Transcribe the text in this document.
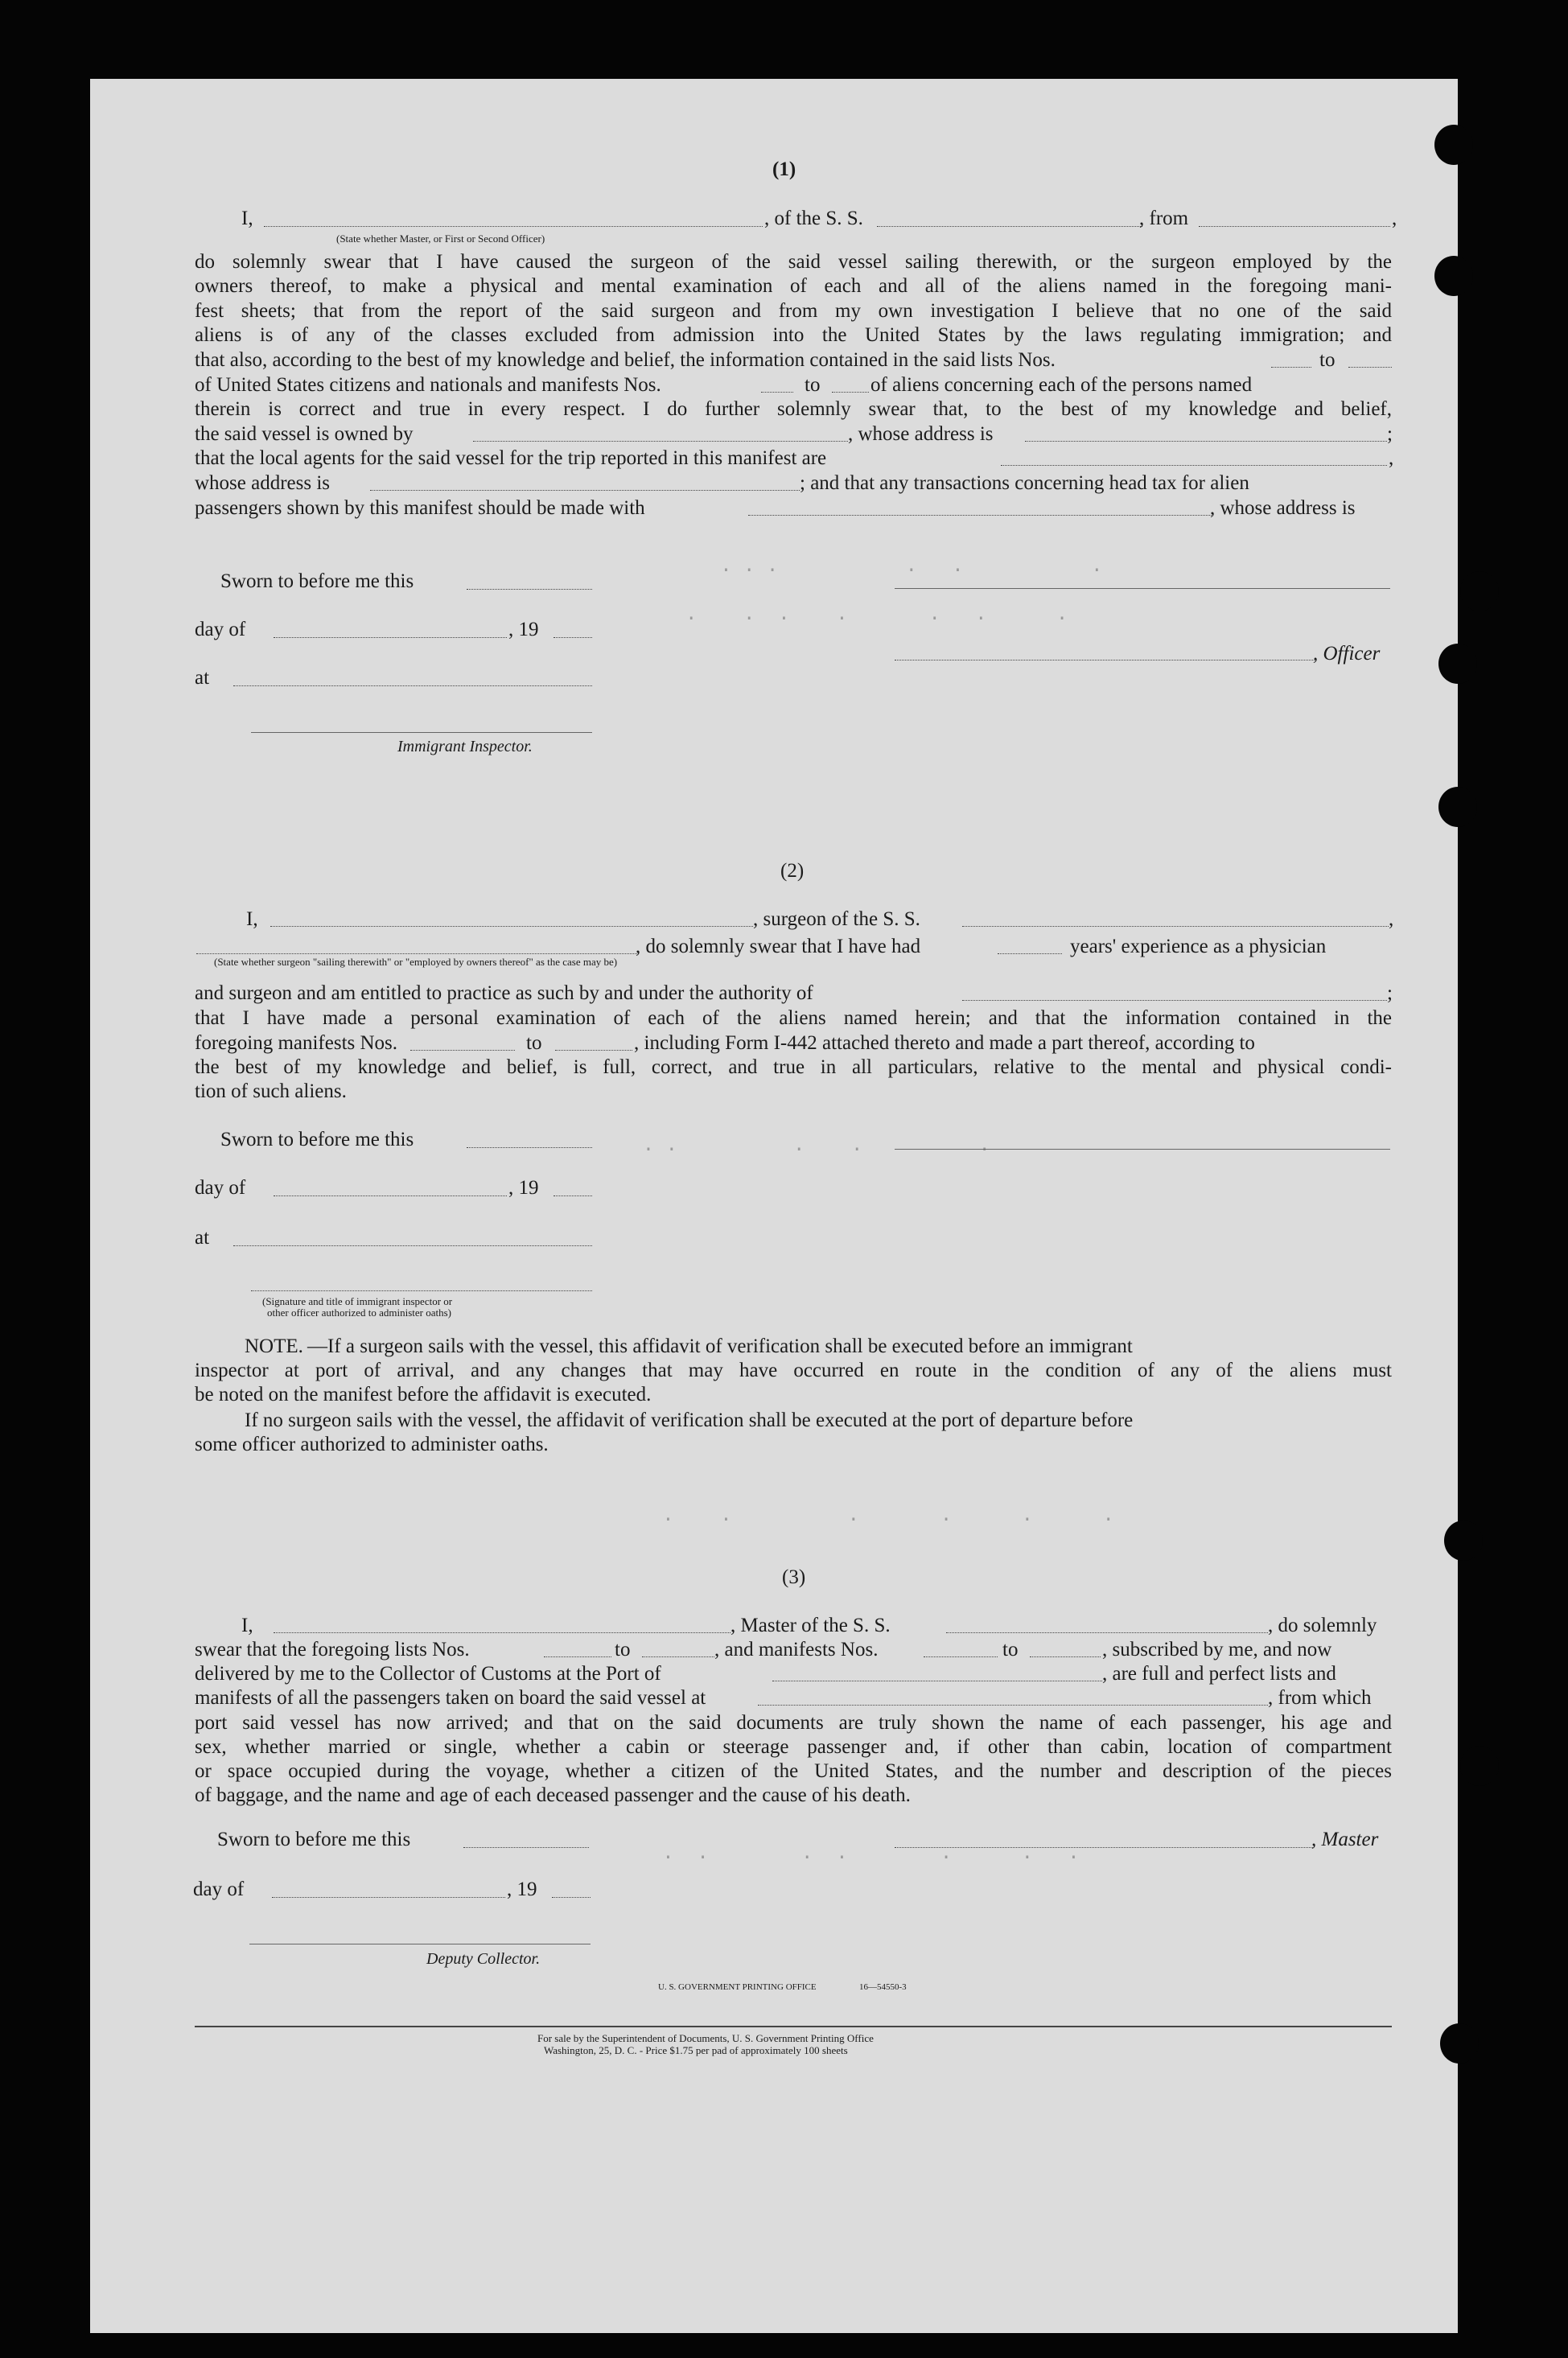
. . .           .   .           .

.    .  .    .       .   .      .

. .          .    .          .

.    .          .       .      .      .

.  .        .  .        .      .   .

(1)
I,	, of the S. S.	, from	,
(State whether Master, or First or Second Officer)
do solemnly swear that I have caused the surgeon of the said vessel sailing therewith, or the surgeon employed by the
owners thereof, to make a physical and mental examination of each and all of the aliens named in the foregoing mani-
fest sheets; that from the report of the said surgeon and from my own investigation I believe that no one of the said
aliens is of any of the classes excluded from admission into the United States by the laws regulating immigration; and
that also, according to the best of my knowledge and belief, the information contained in the said lists Nos.	to
of United States citizens and nationals and manifests Nos.	to	of aliens concerning each of the persons named
therein is correct and true in every respect. I do further solemnly swear that, to the best of my knowledge and belief,
the said vessel is owned by	, whose address is	;
that the local agents for the said vessel for the trip reported in this manifest are	,
whose address is	; and that any transactions concerning head tax for alien
passengers shown by this manifest should be made with	, whose address is
Sworn to before me this
day of	, 19
, Officer
at
Immigrant Inspector.
(2)
I,	, surgeon of the S. S.	,
, do solemnly swear that I have had	years' experience as a physician
(State whether surgeon "sailing therewith" or "employed by owners thereof" as the case may be)
and surgeon and am entitled to practice as such by and under the authority of	;
that I have made a personal examination of each of the aliens named herein; and that the information contained in the
foregoing manifests Nos.	to	, including Form I-442 attached thereto and made a part thereof, according to
the best of my knowledge and belief, is full, correct, and true in all particulars, relative to the mental and physical condi-
tion of such aliens.
Sworn to before me this
day of	, 19
at
(Signature and title of immigrant inspector or
other officer authorized to administer oaths)
NOTE. —If a surgeon sails with the vessel, this affidavit of verification shall be executed before an immigrant
inspector at port of arrival, and any changes that may have occurred en route in the condition of any of the aliens must
be noted on the manifest before the affidavit is executed.
If no surgeon sails with the vessel, the affidavit of verification shall be executed at the port of departure before
some officer authorized to administer oaths.
(3)
I,	, Master of the S. S.	, do solemnly
swear that the foregoing lists Nos.	to	, and manifests Nos.	to	, subscribed by me, and now
delivered by me to the Collector of Customs at the Port of	, are full and perfect lists and
manifests of all the passengers taken on board the said vessel at	, from which
port said vessel has now arrived; and that on the said documents are truly shown the name of each passenger, his age and
sex, whether married or single, whether a cabin or steerage passenger and, if other than cabin, location of compartment
or space occupied during the voyage, whether a citizen of the United States, and the number and description of the pieces
of baggage, and the name and age of each deceased passenger and the cause of his death.
Sworn to before me this	, Master
day of	, 19
Deputy Collector.
U. S. GOVERNMENT PRINTING OFFICE	16—54550-3
For sale by the Superintendent of Documents, U. S. Government Printing Office
Washington, 25, D. C. - Price $1.75 per pad of approximately 100 sheets
